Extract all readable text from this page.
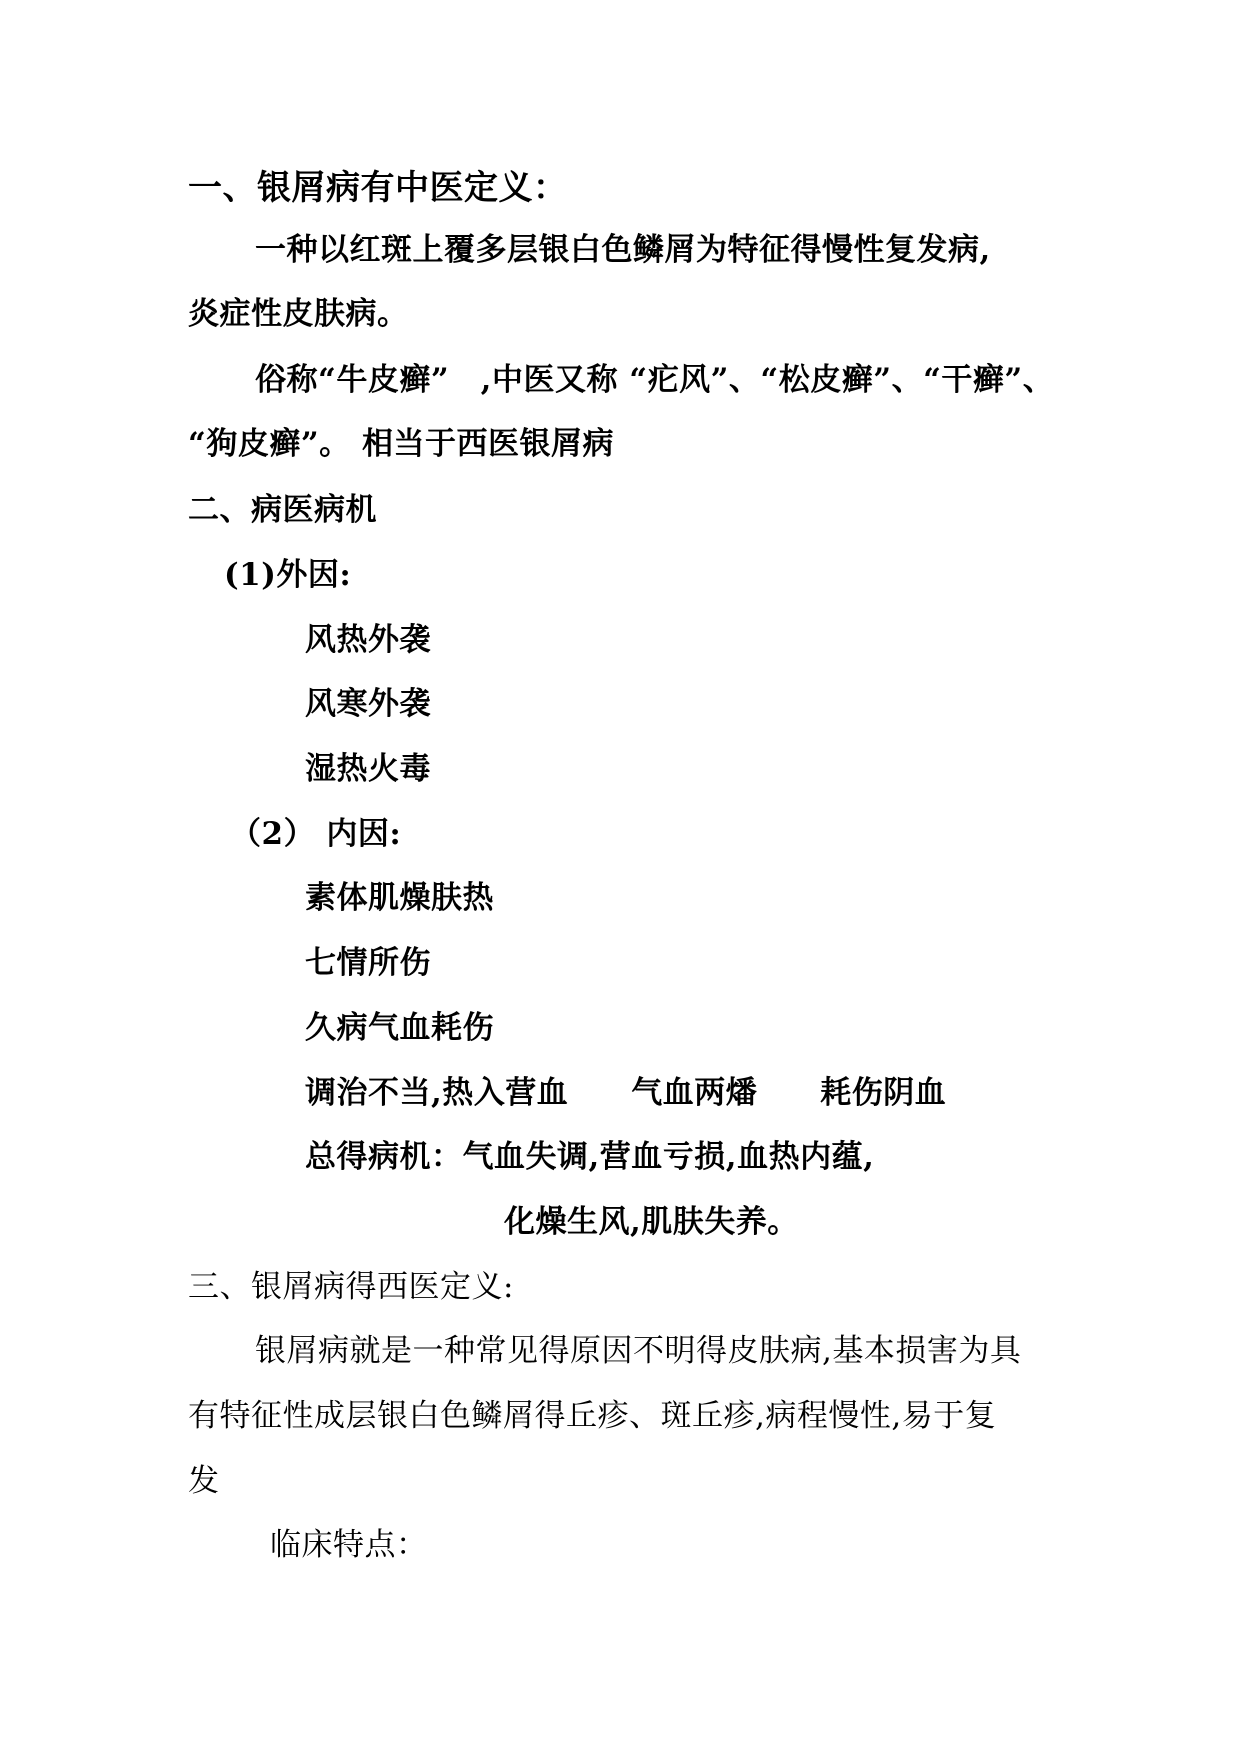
一、银屑病有中医定义：
一种以红斑上覆多层银白色鳞屑为特征得慢性复发病,
炎症性皮肤病。
俗称“牛皮癣”　,中医又称 “疕风”、“松皮癣”、“干癣”、
“狗皮癣”。 相当于西医银屑病
二、病医病机
(1)外因:
风热外袭
风寒外袭
湿热火毒
（2） 内因:
素体肌燥肤热
七情所伤
久病气血耗伤
调治不当,热入营血　　气血两燔　　耗伤阴血
总得病机：气血失调,营血亏损,血热内蕴,
化燥生风,肌肤失养。
三、银屑病得西医定义:
银屑病就是一种常见得原因不明得皮肤病,基本损害为具
有特征性成层银白色鳞屑得丘疹、斑丘疹,病程慢性,易于复
发
临床特点：
